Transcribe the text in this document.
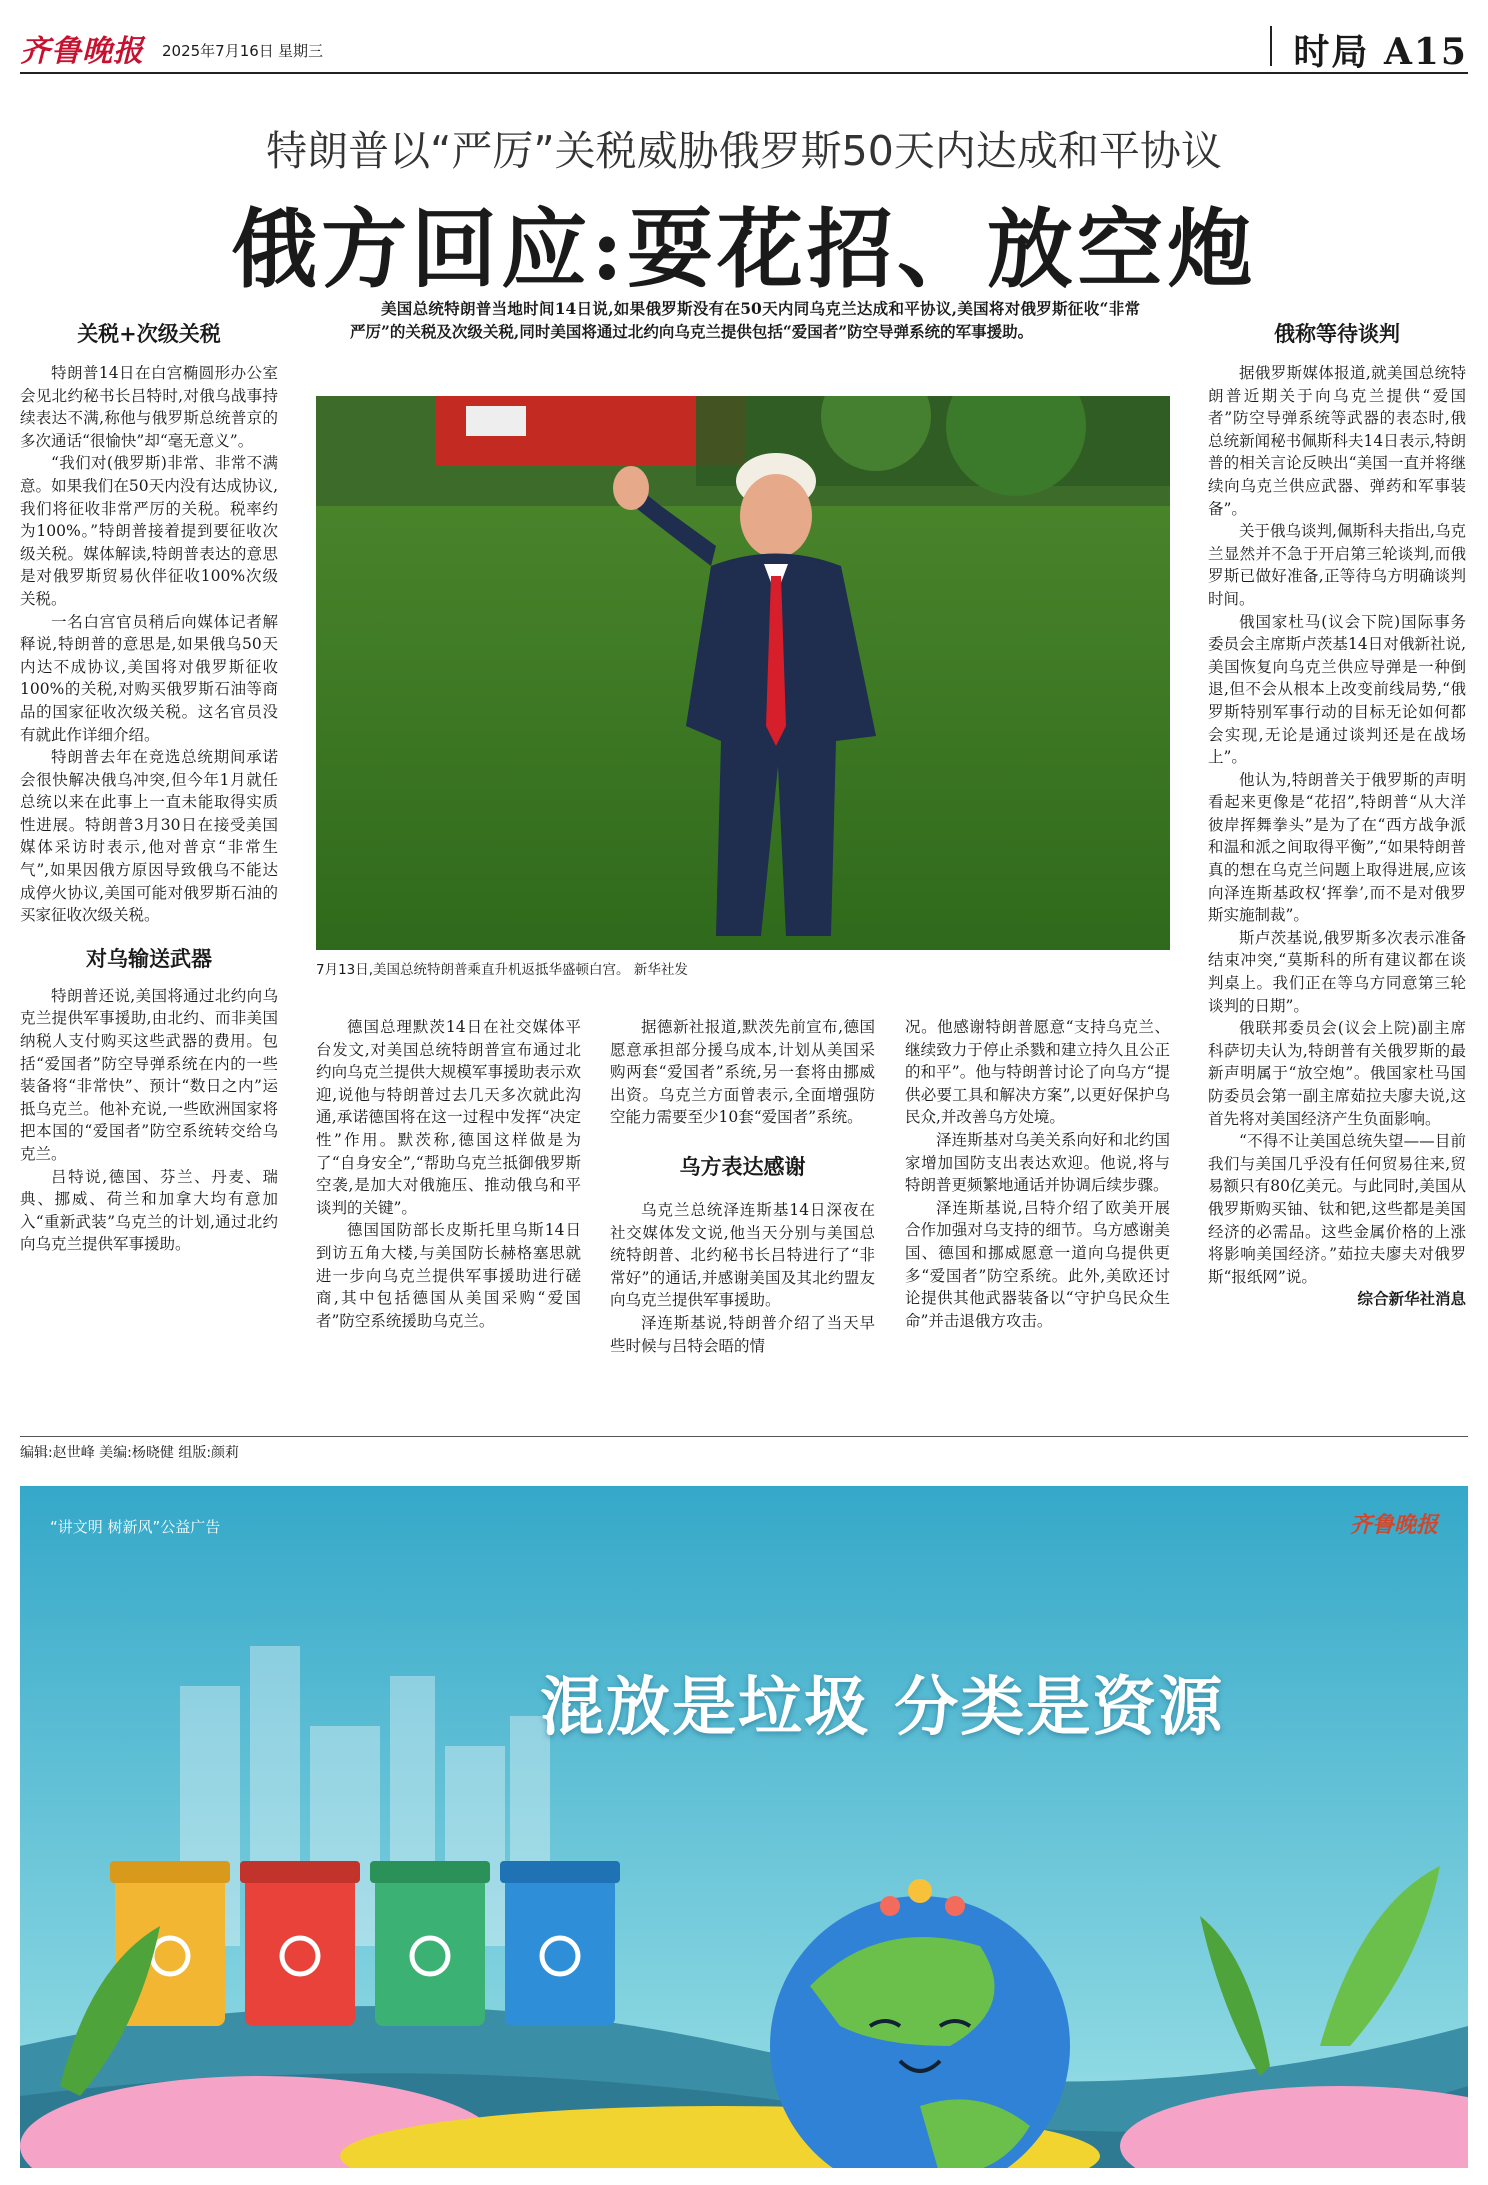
齐鲁晚报 2025年7月16日 星期三	时局 A15
特朗普以“严厉”关税威胁俄罗斯50天内达成和平协议
俄方回应:耍花招、放空炮
美国总统特朗普当地时间14日说,如果俄罗斯没有在50天内同乌克兰达成和平协议,美国将对俄罗斯征收“非常严厉”的关税及次级关税,同时美国将通过北约向乌克兰提供包括“爱国者”防空导弹系统的军事援助。
关税+次级关税

特朗普14日在白宫椭圆形办公室会见北约秘书长吕特时,对俄乌战事持续表达不满,称他与俄罗斯总统普京的多次通话“很愉快”却“毫无意义”。

“我们对(俄罗斯)非常、非常不满意。如果我们在50天内没有达成协议,我们将征收非常严厉的关税。税率约为100%。”特朗普接着提到要征收次级关税。媒体解读,特朗普表达的意思是对俄罗斯贸易伙伴征收100%次级关税。

一名白宫官员稍后向媒体记者解释说,特朗普的意思是,如果俄乌50天内达不成协议,美国将对俄罗斯征收100%的关税,对购买俄罗斯石油等商品的国家征收次级关税。这名官员没有就此作详细介绍。

特朗普去年在竞选总统期间承诺会很快解决俄乌冲突,但今年1月就任总统以来在此事上一直未能取得实质性进展。特朗普3月30日在接受美国媒体采访时表示,他对普京“非常生气”,如果因俄方原因导致俄乌不能达成停火协议,美国可能对俄罗斯石油的买家征收次级关税。

对乌输送武器

特朗普还说,美国将通过北约向乌克兰提供军事援助,由北约、而非美国纳税人支付购买这些武器的费用。包括“爱国者”防空导弹系统在内的一些装备将“非常快”、预计“数日之内”运抵乌克兰。他补充说,一些欧洲国家将把本国的“爱国者”防空系统转交给乌克兰。

吕特说,德国、芬兰、丹麦、瑞典、挪威、荷兰和加拿大均有意加入“重新武装”乌克兰的计划,通过北约向乌克兰提供军事援助。

7月13日,美国总统特朗普乘直升机返抵华盛顿白宫。 新华社发

德国总理默茨14日在社交媒体平台发文,对美国总统特朗普宣布通过北约向乌克兰提供大规模军事援助表示欢迎,说他与特朗普过去几天多次就此沟通,承诺德国将在这一过程中发挥“决定性”作用。默茨称,德国这样做是为了“自身安全”,“帮助乌克兰抵御俄罗斯空袭,是加大对俄施压、推动俄乌和平谈判的关键”。

德国国防部长皮斯托里乌斯14日到访五角大楼,与美国防长赫格塞思就进一步向乌克兰提供军事援助进行磋商,其中包括德国从美国采购“爱国者”防空系统援助乌克兰。

据德新社报道,默茨先前宣布,德国愿意承担部分援乌成本,计划从美国采购两套“爱国者”系统,另一套将由挪威出资。乌克兰方面曾表示,全面增强防空能力需要至少10套“爱国者”系统。

乌方表达感谢

乌克兰总统泽连斯基14日深夜在社交媒体发文说,他当天分别与美国总统特朗普、北约秘书长吕特进行了“非常好”的通话,并感谢美国及其北约盟友向乌克兰提供军事援助。

泽连斯基说,特朗普介绍了当天早些时候与吕特会晤的情

况。他感谢特朗普愿意“支持乌克兰、继续致力于停止杀戮和建立持久且公正的和平”。他与特朗普讨论了向乌方“提供必要工具和解决方案”,以更好保护乌民众,并改善乌方处境。

泽连斯基对乌美关系向好和北约国家增加国防支出表达欢迎。他说,将与特朗普更频繁地通话并协调后续步骤。

泽连斯基说,吕特介绍了欧美开展合作加强对乌支持的细节。乌方感谢美国、德国和挪威愿意一道向乌提供更多“爱国者”防空系统。此外,美欧还讨论提供其他武器装备以“守护乌民众生命”并击退俄方攻击。

俄称等待谈判

据俄罗斯媒体报道,就美国总统特朗普近期关于向乌克兰提供“爱国者”防空导弹系统等武器的表态时,俄总统新闻秘书佩斯科夫14日表示,特朗普的相关言论反映出“美国一直并将继续向乌克兰供应武器、弹药和军事装备”。

关于俄乌谈判,佩斯科夫指出,乌克兰显然并不急于开启第三轮谈判,而俄罗斯已做好准备,正等待乌方明确谈判时间。

俄国家杜马(议会下院)国际事务委员会主席斯卢茨基14日对俄新社说,美国恢复向乌克兰供应导弹是一种倒退,但不会从根本上改变前线局势,“俄罗斯特别军事行动的目标无论如何都会实现,无论是通过谈判还是在战场上”。

他认为,特朗普关于俄罗斯的声明看起来更像是“花招”,特朗普“从大洋彼岸挥舞拳头”是为了在“西方战争派和温和派之间取得平衡”,“如果特朗普真的想在乌克兰问题上取得进展,应该向泽连斯基政权‘挥拳’,而不是对俄罗斯实施制裁”。

斯卢茨基说,俄罗斯多次表示准备结束冲突,“莫斯科的所有建议都在谈判桌上。我们正在等乌方同意第三轮谈判的日期”。

俄联邦委员会(议会上院)副主席科萨切夫认为,特朗普有关俄罗斯的最新声明属于“放空炮”。俄国家杜马国防委员会第一副主席茹拉夫廖夫说,这首先将对美国经济产生负面影响。

“不得不让美国总统失望——目前我们与美国几乎没有任何贸易往来,贸易额只有80亿美元。与此同时,美国从俄罗斯购买铀、钛和钯,这些都是美国经济的必需品。这些金属价格的上涨将影响美国经济。”茹拉夫廖夫对俄罗斯“报纸网”说。

综合新华社消息
编辑:赵世峰 美编:杨晓健 组版:颜莉
“讲文明 树新风”公益广告	齐鲁晚报
混放是垃圾 分类是资源
